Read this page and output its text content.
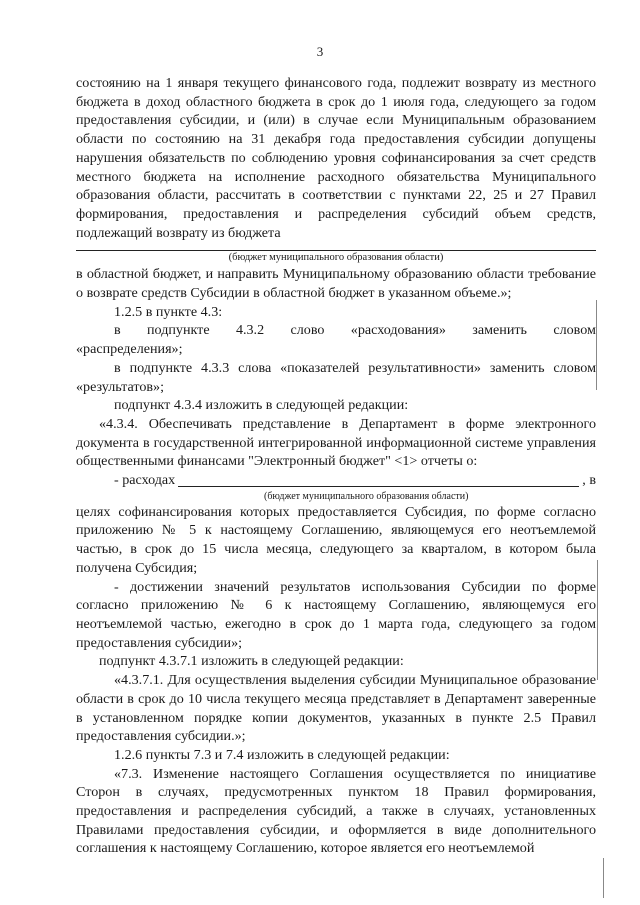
3

состоянию на 1 января текущего финансового года, подлежит возврату из местного бюджета в доход областного бюджета в срок до 1 июля года, следующего за годом предоставления субсидии, и (или) в случае если Муниципальным образованием области по состоянию на 31 декабря года предоставления субсидии допущены нарушения обязательств по соблюдению уровня софинансирования за счет средств местного бюджета на исполнение расходного обязательства Муниципального образования области, рассчитать в соответствии с пунктами 22, 25 и 27 Правил формирования, предоставления и распределения субсидий объем средств, подлежащий возврату из бюджета

(бюджет муниципального образования области)

в областной бюджет, и направить Муниципальному образованию области требование о возврате средств Субсидии в областной бюджет в указанном объеме.»;

1.2.5 в пункте 4.3:

в подпункте 4.3.2 слово «расходования» заменить словом

«распределения»;

в подпункте 4.3.3 слова «показателей результативности» заменить словом «результатов»;

подпункт 4.3.4 изложить в следующей редакции:

«4.3.4. Обеспечивать представление в Департамент в форме электронного документа в государственной интегрированной информационной системе управления общественными финансами "Электронный бюджет" <1> отчеты о:

- расходах	, в
(бюджет муниципального образования области)

целях софинансирования которых предоставляется Субсидия, по форме согласно приложению № 5 к настоящему Соглашению, являющемуся его неотъемлемой частью, в срок до 15 числа месяца, следующего за кварталом, в котором была получена Субсидия;

- достижении значений результатов использования Субсидии по форме согласно приложению № 6 к настоящему Соглашению, являющемуся его неотъемлемой частью, ежегодно в срок до 1 марта года, следующего за годом предоставления субсидии»;

подпункт 4.3.7.1 изложить в следующей редакции:

«4.3.7.1. Для осуществления выделения субсидии Муниципальное образование области в срок до 10 числа текущего месяца представляет в Департамент заверенные в установленном порядке копии документов, указанных в пункте 2.5 Правил предоставления субсидии.»;

1.2.6 пункты 7.3 и 7.4 изложить в следующей редакции:

«7.3. Изменение настоящего Соглашения осуществляется по инициативе Сторон в случаях, предусмотренных пунктом 18 Правил формирования, предоставления и распределения субсидий, а также в случаях, установленных Правилами предоставления субсидии, и оформляется в виде дополнительного соглашения к настоящему Соглашению, которое является его неотъемлемой
